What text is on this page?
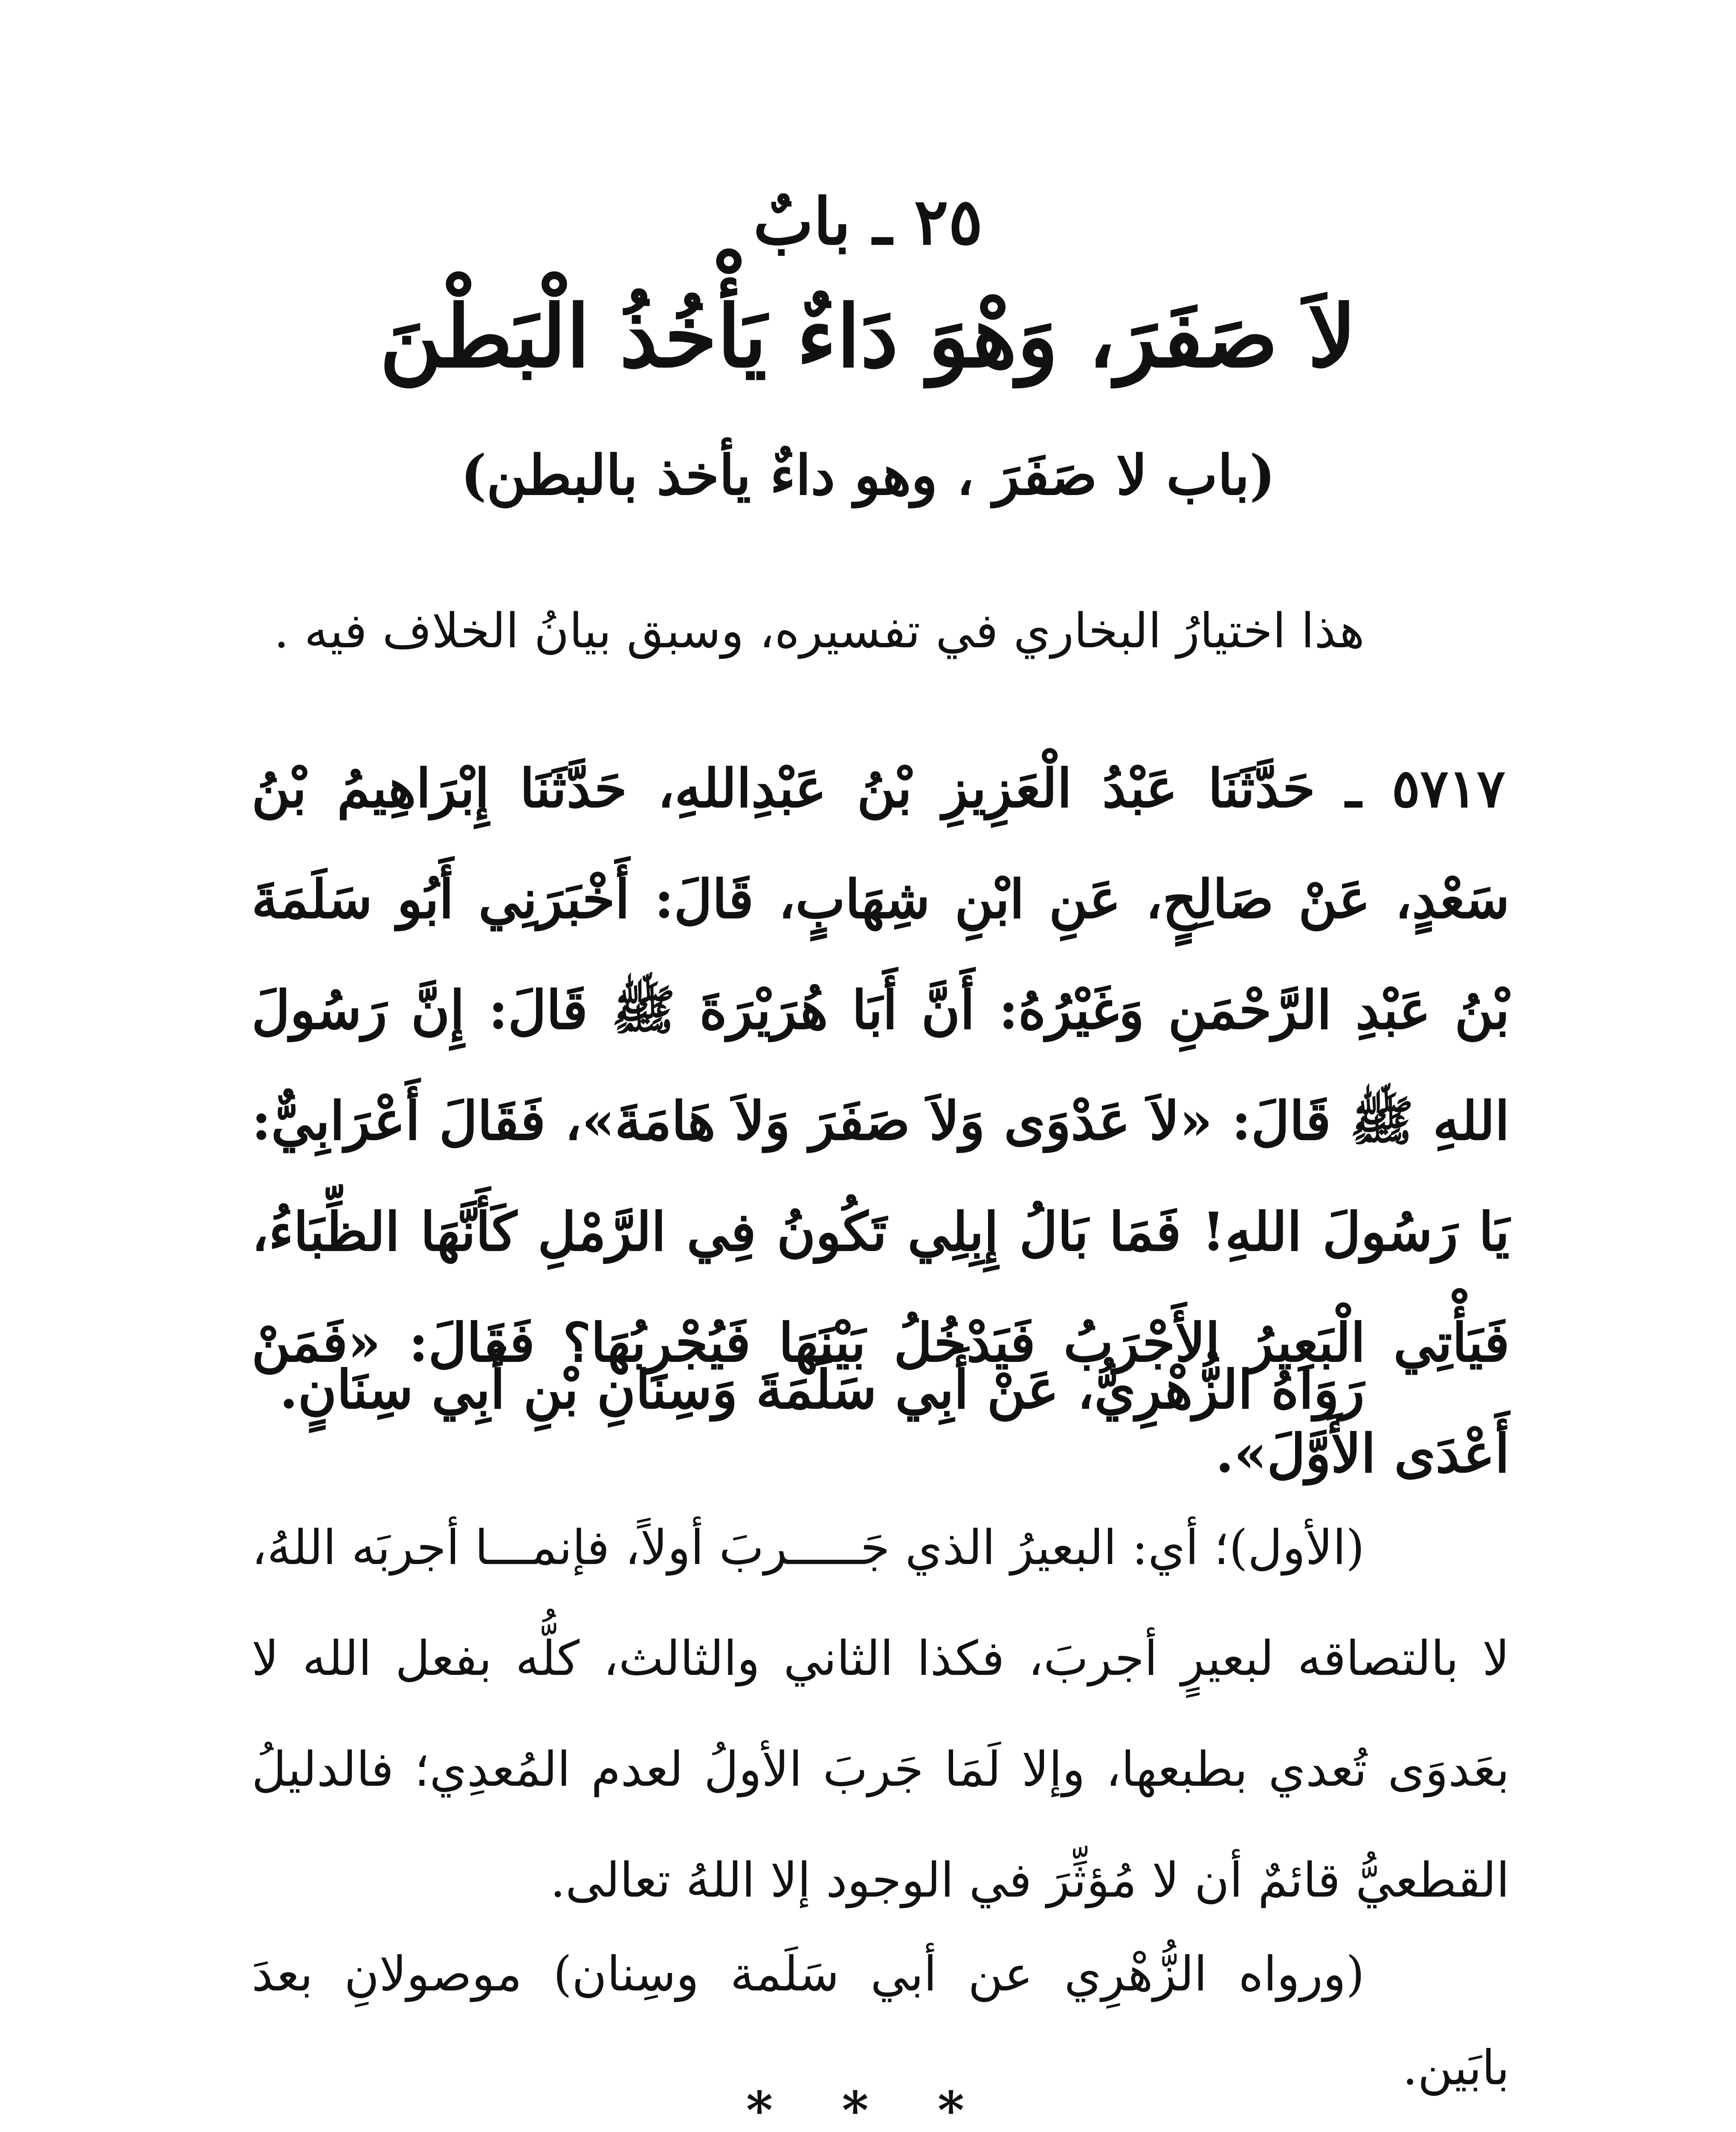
٢٥ ـ بابٌ
لاَ صَفَرَ، وَهْوَ دَاءٌ يَأْخُذُ الْبَطْنَ
(باب لا صَفَرَ ، وهو داءٌ يأخذ بالبطن)

هذا اختيارُ البخاري في تفسيره، وسبق بيانُ الخلاف فيه .

٥٧١٧ ـ حَدَّثَنَا عَبْدُ الْعَزِيزِ بْنُ عَبْدِاللهِ، حَدَّثَنَا إِبْرَاهِيمُ بْنُ سَعْدٍ، عَنْ صَالِحٍ، عَنِ ابْنِ شِهَابٍ، قَالَ: أَخْبَرَنِي أَبُو سَلَمَةَ بْنُ عَبْدِ الرَّحْمَنِ وَغَيْرُهُ: أَنَّ أَبَا هُرَيْرَةَ ﷺ قَالَ: إِنَّ رَسُولَ اللهِ ﷺ قَالَ: «لاَ عَدْوَى وَلاَ صَفَرَ وَلاَ هَامَةَ»، فَقَالَ أَعْرَابِيٌّ: يَا رَسُولَ اللهِ! فَمَا بَالُ إِبِلِي تَكُونُ فِي الرَّمْلِ كَأَنَّهَا الظِّبَاءُ، فَيَأْتِي الْبَعِيرُ الأَجْرَبُ فَيَدْخُلُ بَيْنَهَا فَيُجْرِبُهَا؟ فَقَالَ: «فَمَنْ أَعْدَى الأَوَّلَ».

رَوَاهُ الزُّهْرِيُّ، عَنْ أَبِي سَلَمَةَ وَسِنَانِ بْنِ أَبِي سِنَانٍ.

(الأول)؛ أي: البعيرُ الذي جَـــــربَ أولاً، فإنمـــا أجربَه اللهُ، لا بالتصاقه لبعيرٍ أجربَ، فكذا الثاني والثالث، كلُّه بفعل الله لا بعَدوَى تُعدي بطبعها، وإلا لَمَا جَربَ الأولُ لعدم المُعدِي؛ فالدليلُ القطعيُّ قائمٌ أن لا مُؤثِّرَ في الوجود إلا اللهُ تعالى.

(ورواه الزُّهْرِي عن أبي سَلَمة وسِنان) موصولانِ بعدَ بابَين.

* * *
